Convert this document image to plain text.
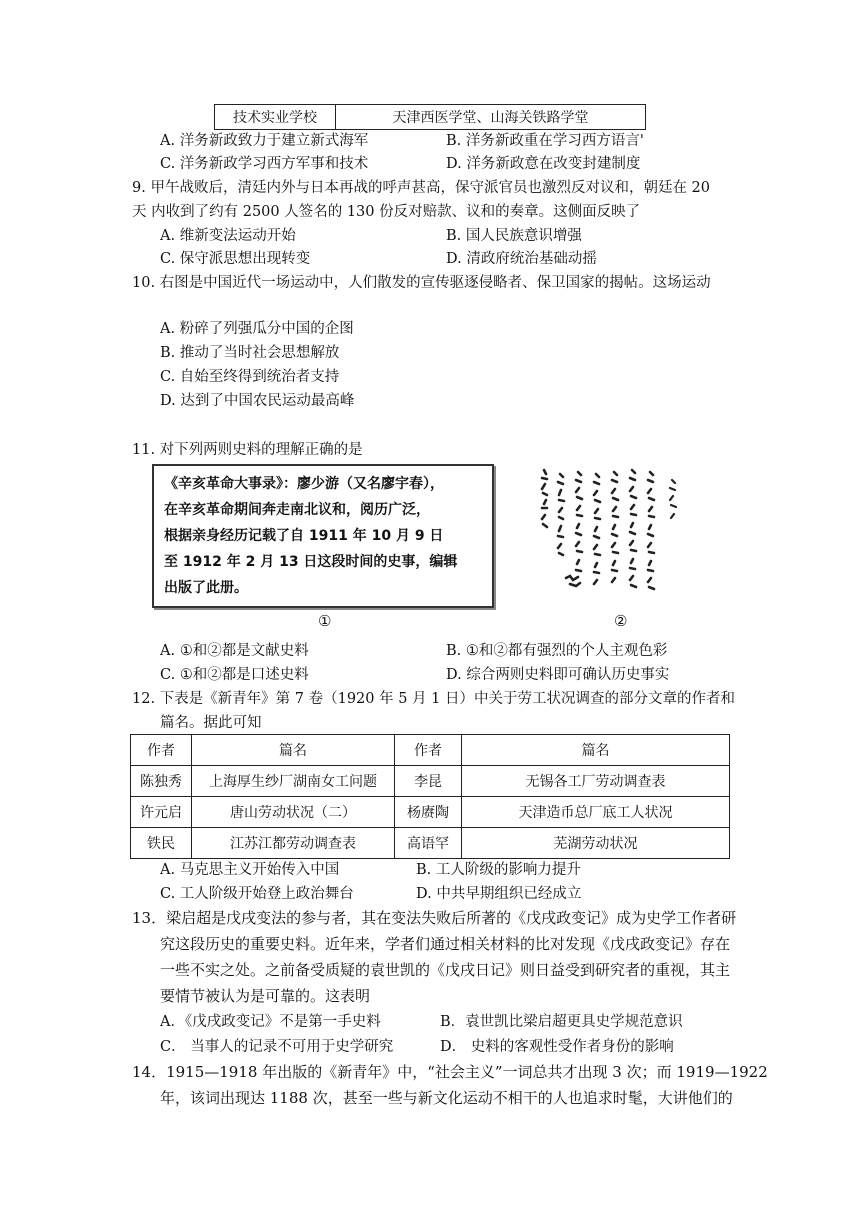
技术实业学校	天津西医学堂、山海关铁路学堂
A. 洋务新政致力于建立新式海军	B. 洋务新政重在学习西方语言'
C. 洋务新政学习西方军事和技术	D. 洋务新政意在改变封建制度
9. 甲午战败后，清廷内外与日本再战的呼声甚高，保守派官员也激烈反对议和，朝廷在 20
天 内收到了约有 2500 人签名的 130 份反对赔款、议和的奏章。这侧面反映了
A. 维新变法运动开始	B. 国人民族意识增强
C. 保守派思想出现转变	D. 清政府统治基础动摇
10. 右图是中国近代一场运动中，人们散发的宣传驱逐侵略者、保卫国家的揭帖。这场运动
A. 粉碎了列强瓜分中国的企图
B. 推动了当时社会思想解放
C. 自始至终得到统治者支持
D. 达到了中国农民运动最高峰
11. 对下列两则史料的理解正确的是
《辛亥革命大事录》：廖少游（又名廖宇春），
在辛亥革命期间奔走南北议和，阅历广泛，
根据亲身经历记载了自 1911 年 10 月 9 日
至 1912 年 2 月 13 日这段时间的史事，编辑
出版了此册。
①	②
A. ①和②都是文献史料	B. ①和②都有强烈的个人主观色彩
C. ①和②都是口述史料	D. 综合两则史料即可确认历史事实
12. 下表是《新青年》第 7 卷（1920 年 5 月 1 日）中关于劳工状况调查的部分文章的作者和
篇名。据此可知
作者	篇名	作者	篇名
陈独秀	上海厚生纱厂湖南女工问题	李昆	无锡各工厂劳动调查表
许元启	唐山劳动状况（二）	杨赓陶	天津造币总厂底工人状况
铁民	江苏江都劳动调查表	高语罕	芜湖劳动状况
A. 马克思主义开始传入中国	B. 工人阶级的影响力提升
C. 工人阶级开始登上政治舞台	D. 中共早期组织已经成立
13．梁启超是戊戌变法的参与者，其在变法失败后所著的《戊戌政变记》成为史学工作者研
究这段历史的重要史料。近年来，学者们通过相关材料的比对发现《戊戌政变记》存在
一些不实之处。之前备受质疑的袁世凯的《戊戌日记》则日益受到研究者的重视，其主
要情节被认为是可靠的。这表明
A．《戊戌政变记》不是第一手史料	B．袁世凯比梁启超更具史学规范意识
C． 当事人的记录不可用于史学研究	D． 史料的客观性受作者身份的影响
14．1915—1918 年出版的《新青年》中，“社会主义”一词总共才出现 3 次；而 1919—1922
年，该词出现达 1188 次，甚至一些与新文化运动不相干的人也追求时髦，大讲他们的
